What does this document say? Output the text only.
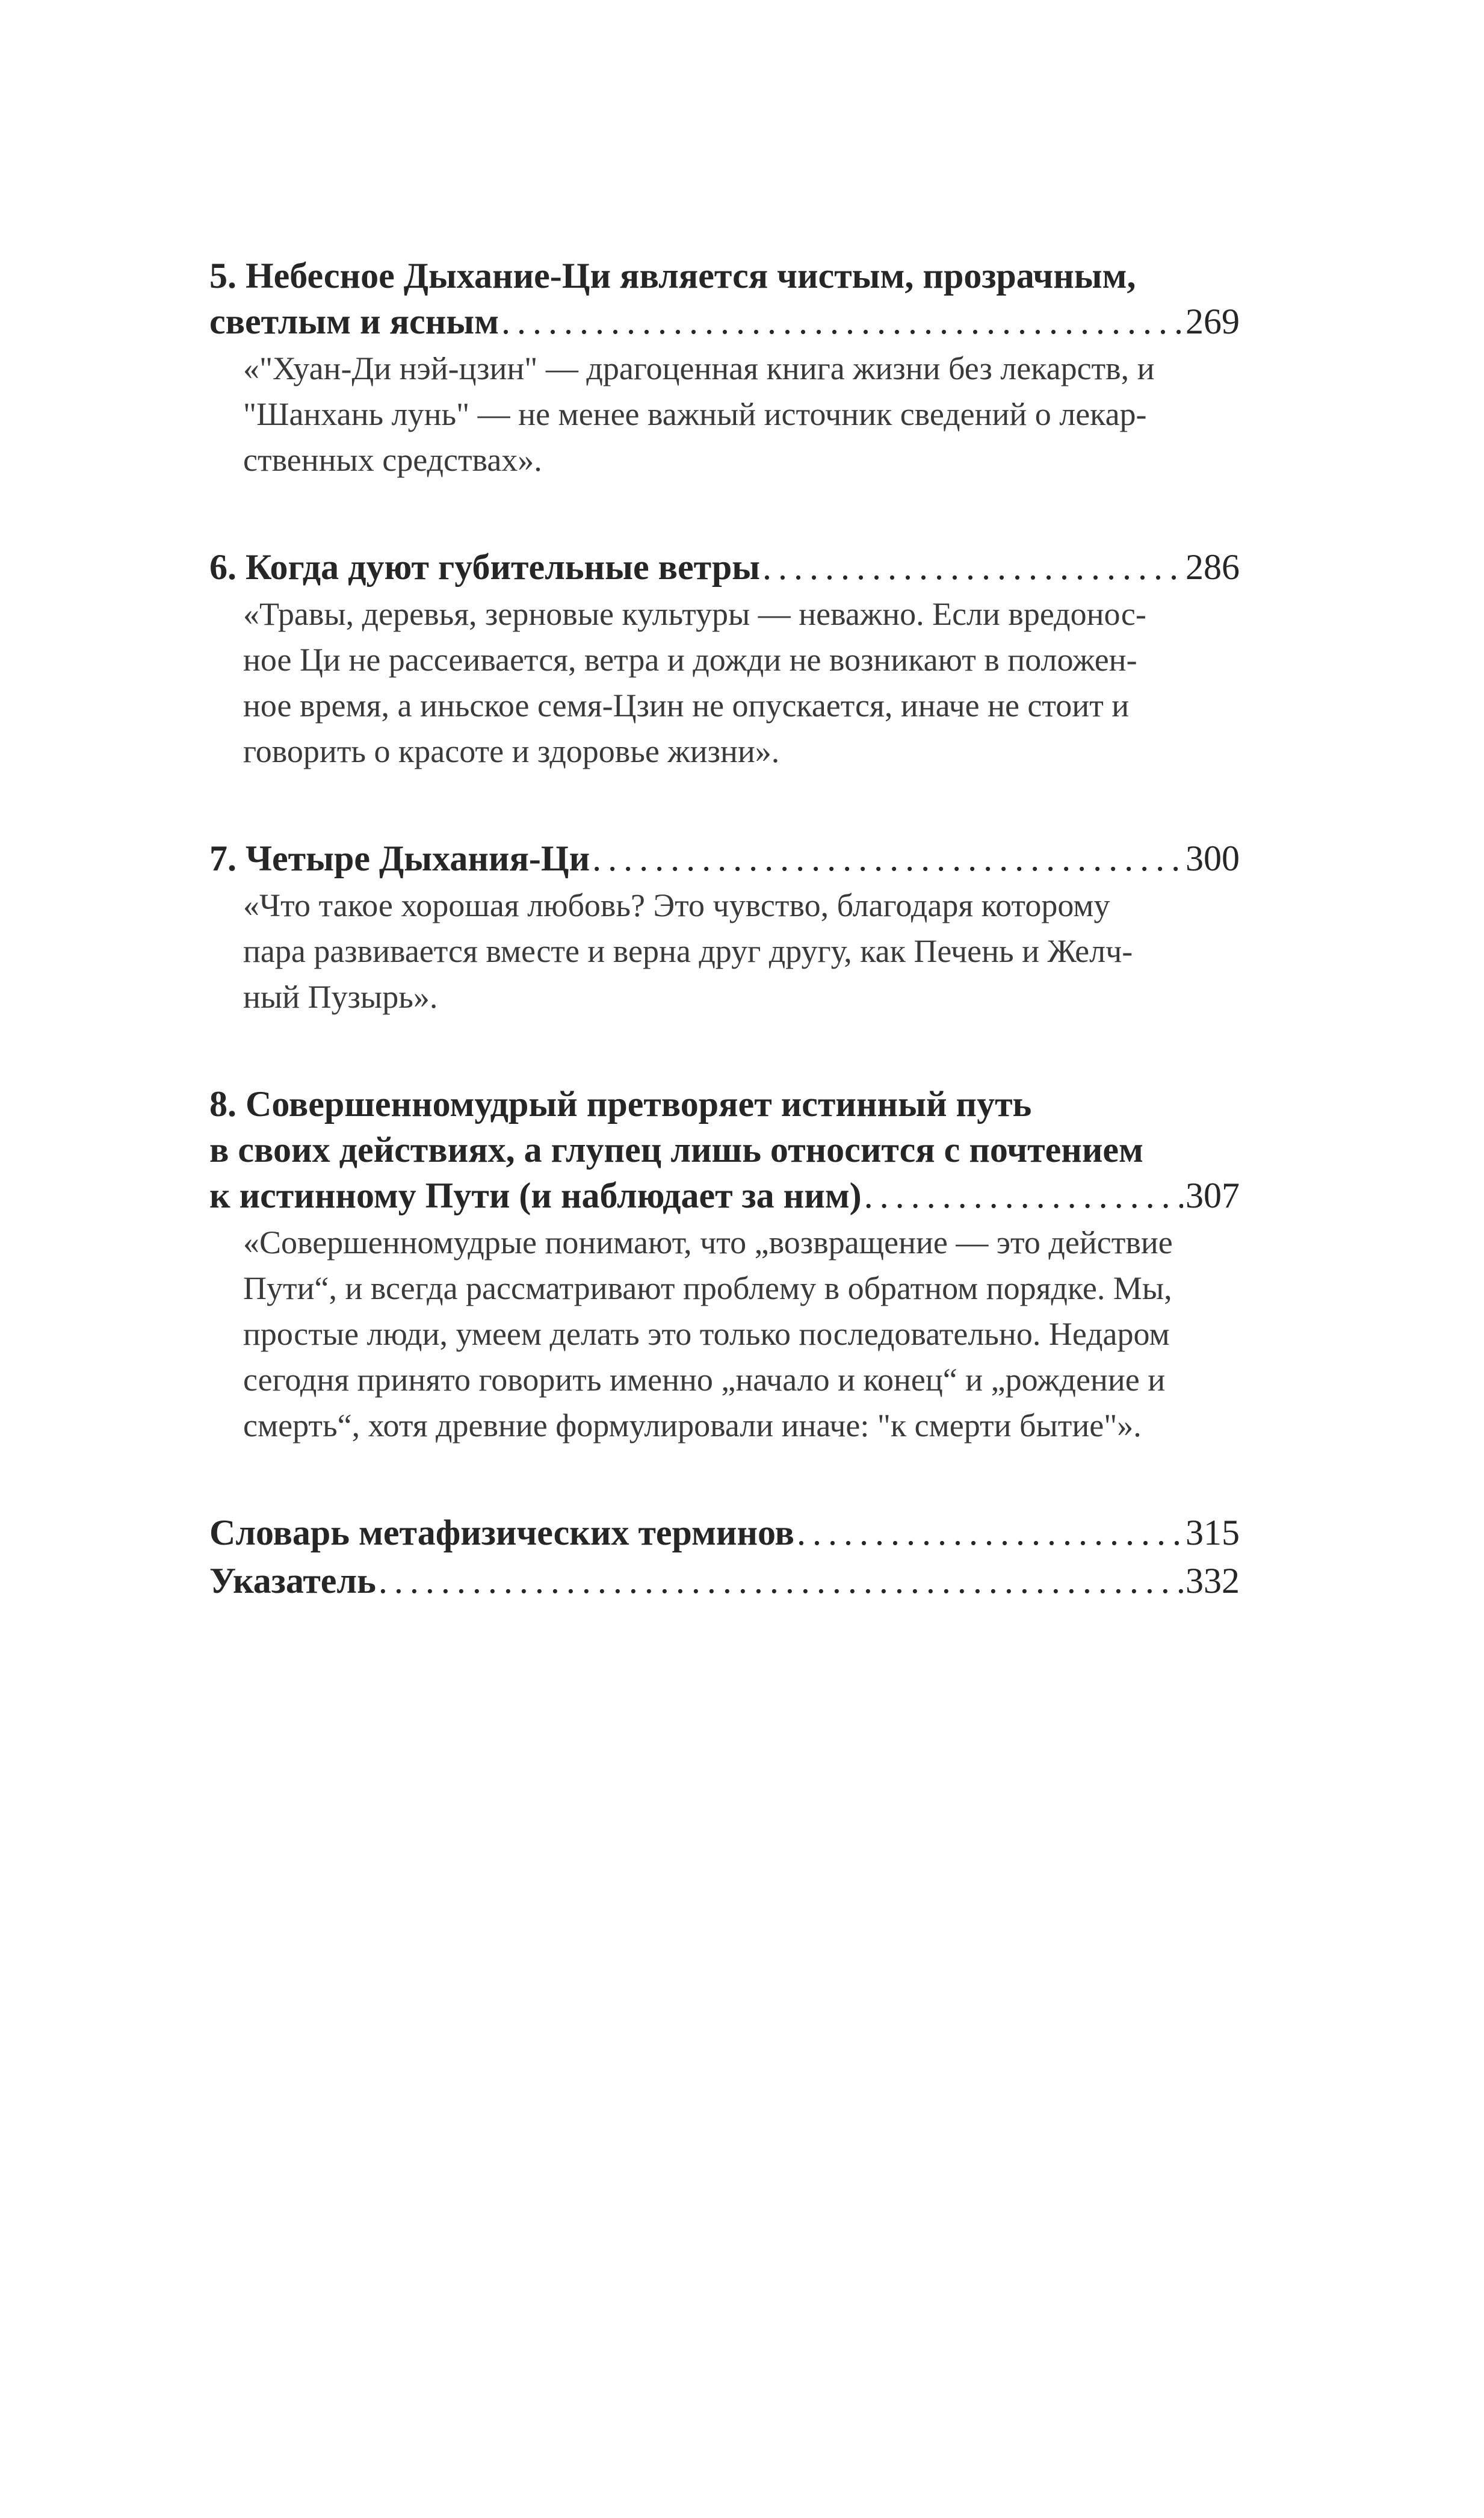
5. Небесное Дыхание-Ци является чистым, прозрачным,
светлым и ясным . . .	269
«"Хуан-Ди нэй-цзин" — драгоценная книга жизни без лекарств, и
"Шанхань лунь" — не менее важный источник сведений о лекар-
ственных средствах».
6. Когда дуют губительные ветры . . .	286
«Травы, деревья, зерновые культуры — неважно. Если вредонос-
ное Ци не рассеивается, ветра и дожди не возникают в положен-
ное время, а иньское семя-Цзин не опускается, иначе не стоит и
говорить о красоте и здоровье жизни».
7. Четыре Дыхания-Ци . . .	300
«Что такое хорошая любовь? Это чувство, благодаря которому
пара развивается вместе и верна друг другу, как Печень и Желч-
ный Пузырь».
8. Совершенномудрый претворяет истинный путь
в своих действиях, а глупец лишь относится с почтением
к истинному Пути (и наблюдает за ним) . . .	307
«Совершенномудрые понимают, что „возвращение — это действие
Пути“, и всегда рассматривают проблему в обратном порядке. Мы,
простые люди, умеем делать это только последовательно. Недаром
сегодня принято говорить именно „начало и конец“ и „рождение и
смерть“, хотя древние формулировали иначе: "к смерти бытие"».
Словарь метафизических терминов . . .	315
Указатель . . .	332
